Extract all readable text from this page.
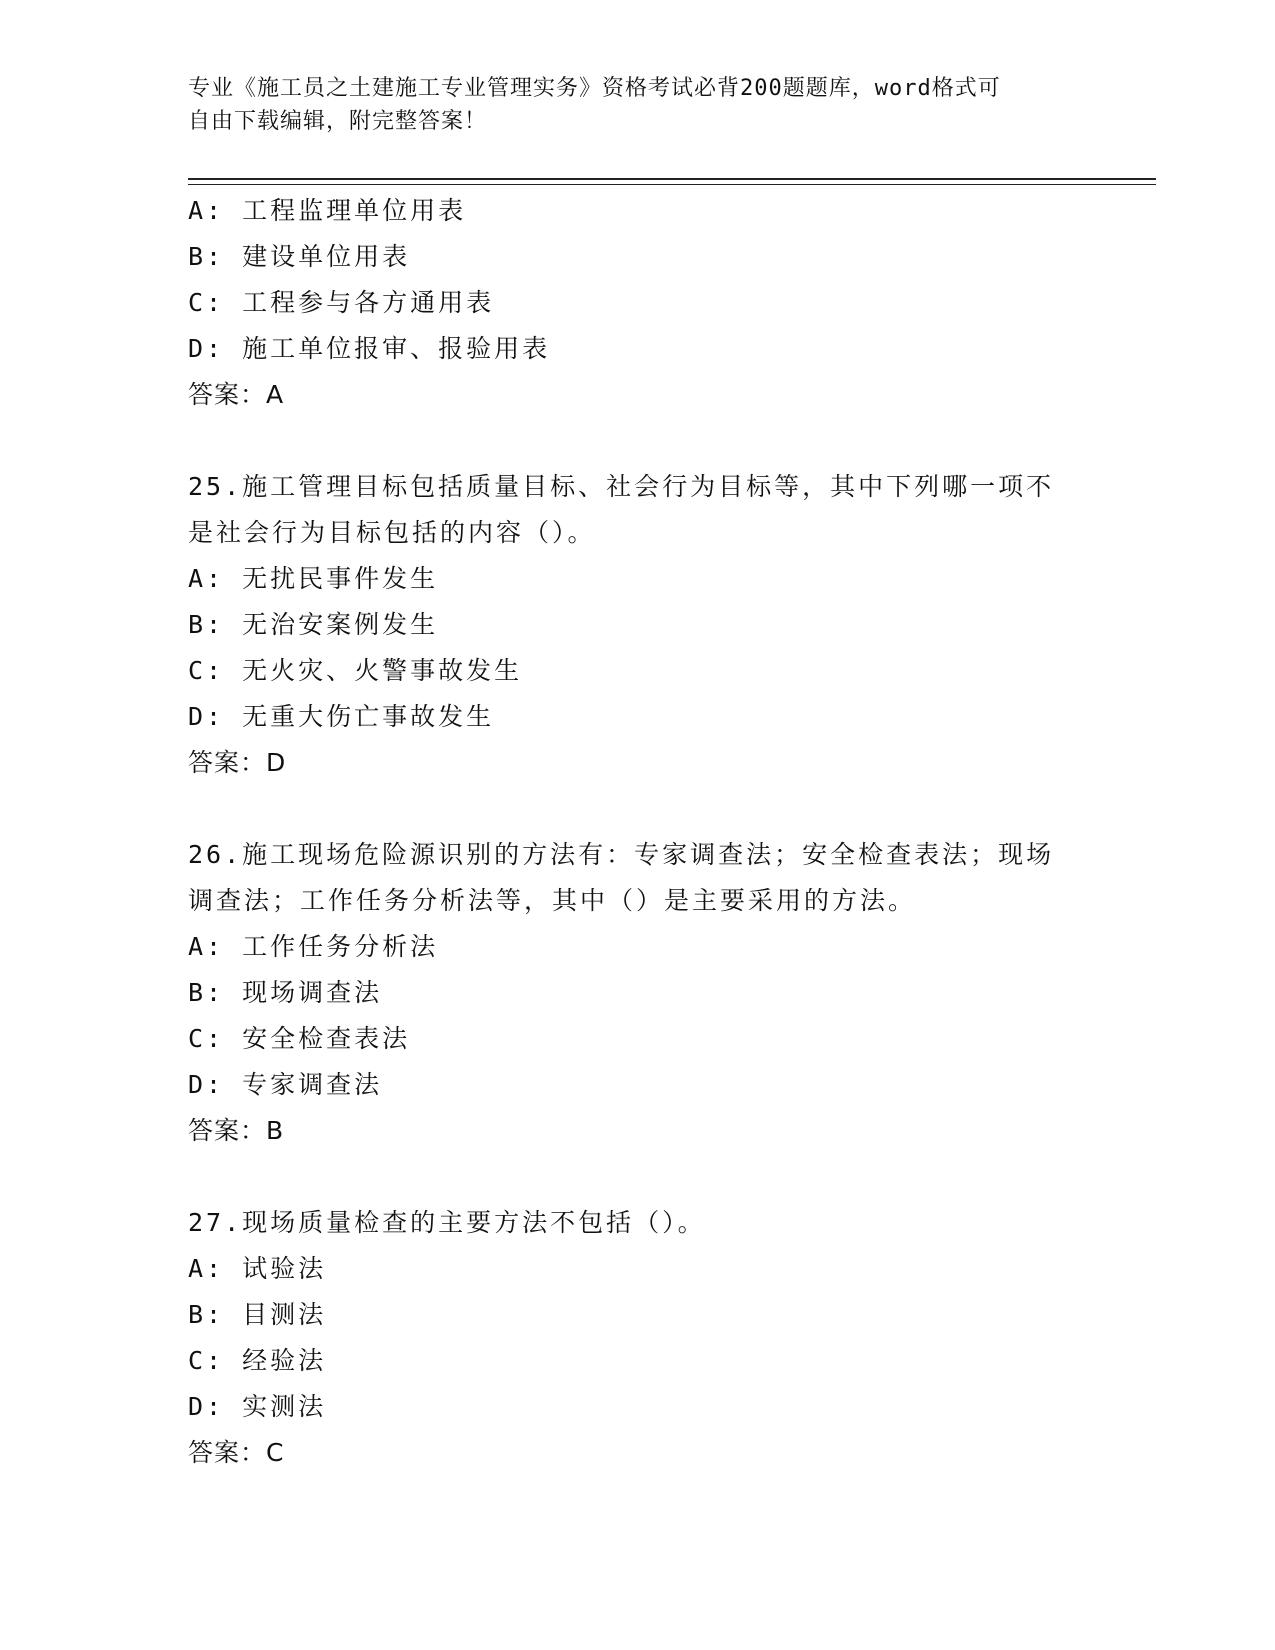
专业《施工员之土建施工专业管理实务》资格考试必背200题题库，word格式可
自由下载编辑，附完整答案！
A: 工程监理单位用表
B: 建设单位用表
C: 工程参与各方通用表
D: 施工单位报审、报验用表
答案：A
25.施工管理目标包括质量目标、社会行为目标等，其中下列哪一项不
是社会行为目标包括的内容（）。
A: 无扰民事件发生
B: 无治安案例发生
C: 无火灾、火警事故发生
D: 无重大伤亡事故发生
答案：D
26.施工现场危险源识别的方法有：专家调查法；安全检查表法；现场
调查法；工作任务分析法等，其中（）是主要采用的方法。
A: 工作任务分析法
B: 现场调查法
C: 安全检查表法
D: 专家调查法
答案：B
27.现场质量检查的主要方法不包括（）。
A: 试验法
B: 目测法
C: 经验法
D: 实测法
答案：C
